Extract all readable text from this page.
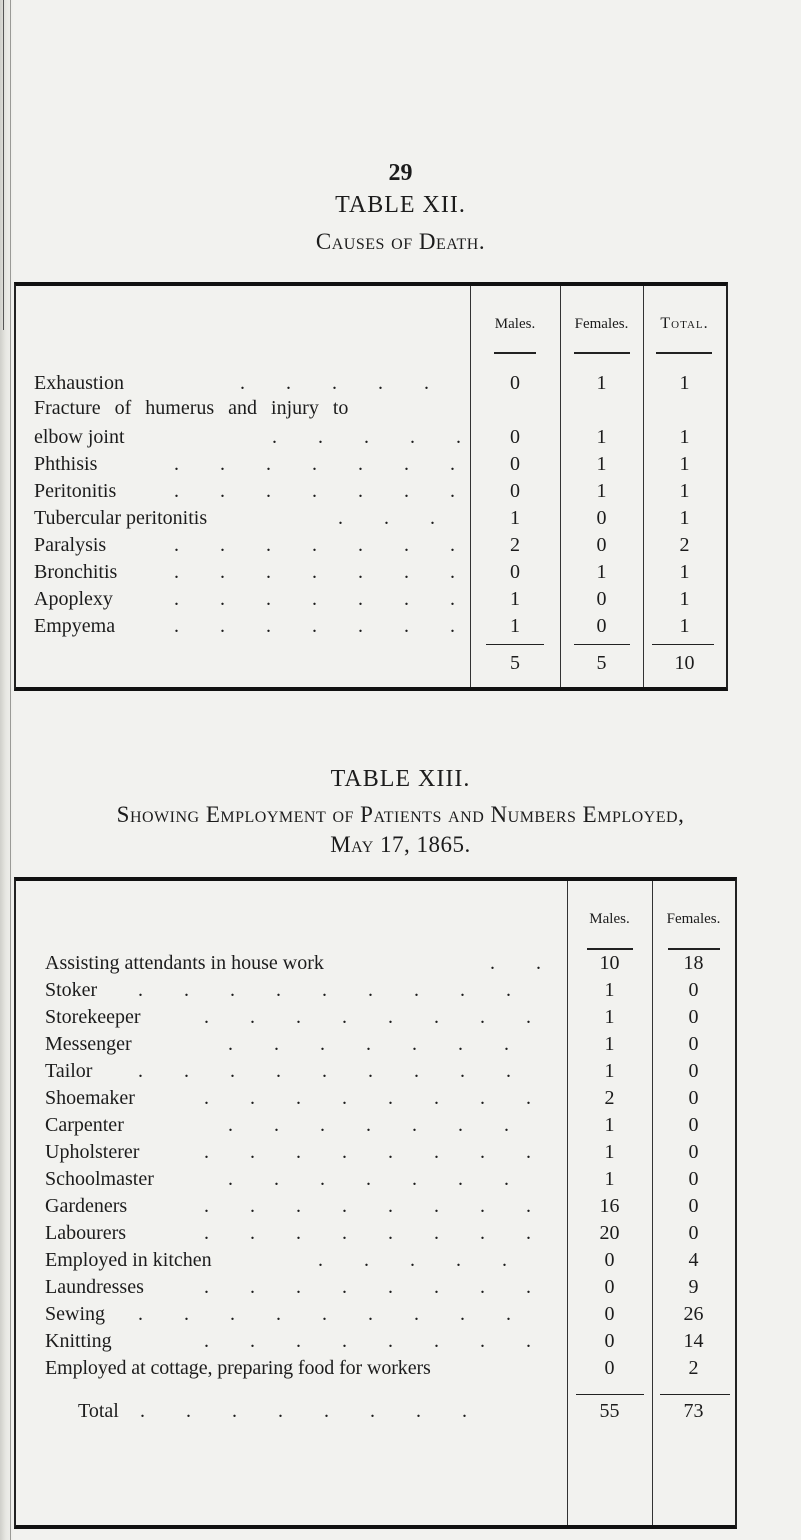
29
TABLE XII.
Causes of Death.
Males.	Females.	Total.
Exhaustion	. . . . .	0	1	1
Fracture of humerus and injury to
elbow joint	. . . . .	0	1	1
Phthisis	. . . . . . .	0	1	1
Peritonitis	. . . . . . .	0	1	1
Tubercular peritonitis	. . .	1	0	1
Paralysis	. . . . . . .	2	0	2
Bronchitis	. . . . . . .	0	1	1
Apoplexy	. . . . . . .	1	0	1
Empyema	. . . . . . .	1	0	1
5	5	10
TABLE XIII.
Showing Employment of Patients and Numbers Employed,
May 17, 1865.
Males.	Females.
Assisting attendants in house work	. .	10	18
Stoker . . . . . . . . .	1	0
Storekeeper	. . . . . . . .	1	0
Messenger	. . . . . . .	1	0
Tailor . . . . . . . . .	1	0
Shoemaker	. . . . . . . .	2	0
Carpenter	. . . . . . .	1	0
Upholsterer	. . . . . . . .	1	0
Schoolmaster	. . . . . . .	1	0
Gardeners	. . . . . . . .	16	0
Labourers	. . . . . . . .	20	0
Employed in kitchen	. . . . .	0	4
Laundresses	. . . . . . . .	0	9
Sewing . . . . . . . . .	0	26
Knitting	. . . . . . . .	0	14
Employed at cottage, preparing food for workers	0	2
Total . . . . . . . .	55	73
